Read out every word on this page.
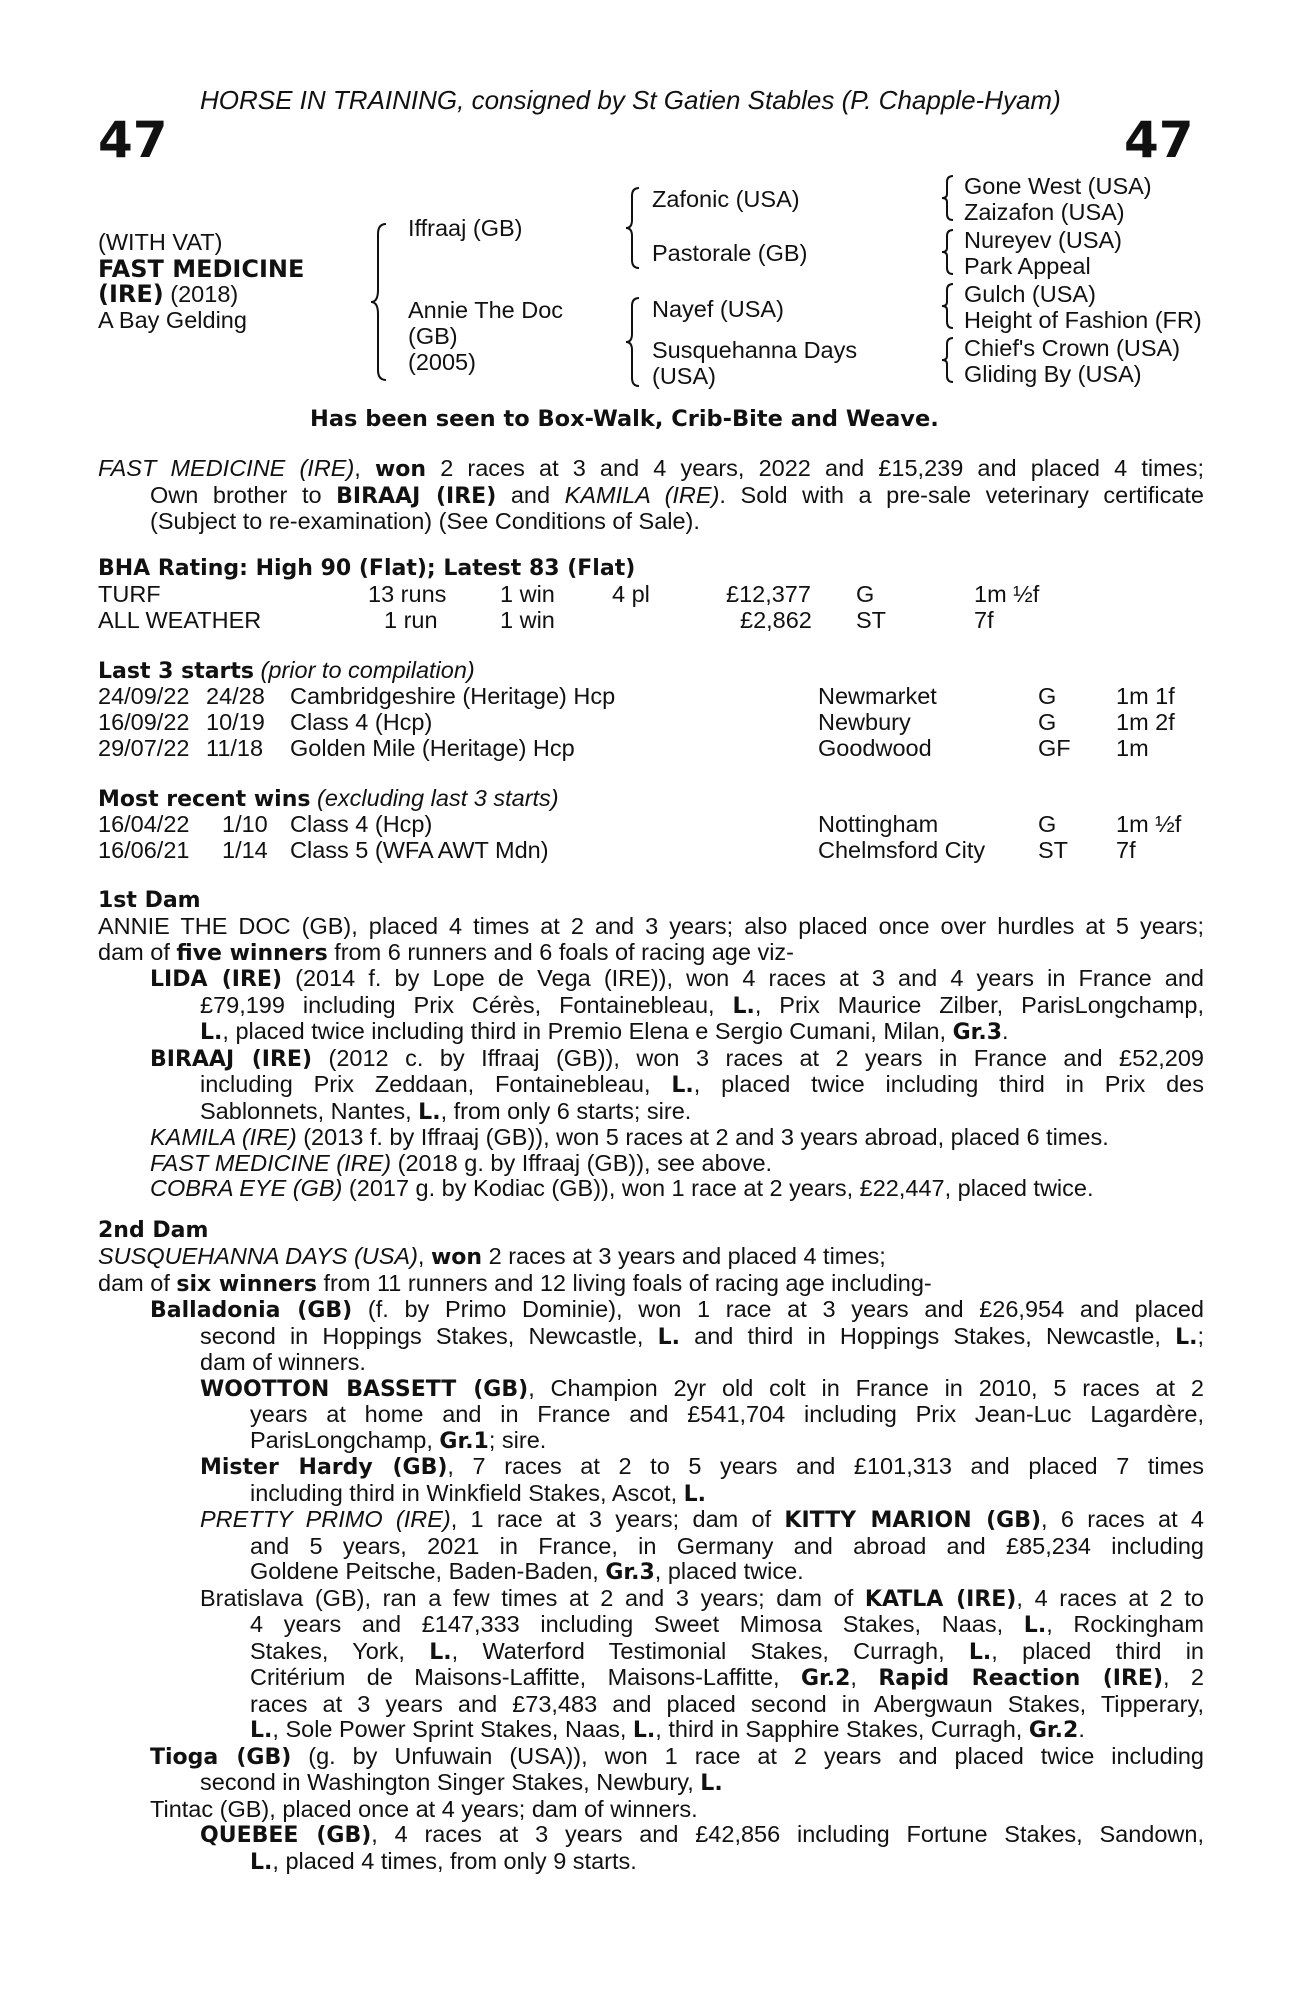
HORSE IN TRAINING, consigned by St Gatien Stables (P. Chapple-Hyam)
47	47
(WITH VAT)
FAST MEDICINE
(IRE) (2018)
A Bay Gelding
Iffraaj (GB)
Annie The Doc
(GB)
(2005)
Zafonic (USA)
Pastorale (GB)
Nayef (USA)
Susquehanna Days
(USA)
Gone West (USA)
Zaizafon (USA)
Nureyev (USA)
Park Appeal
Gulch (USA)
Height of Fashion (FR)
Chief's Crown (USA)
Gliding By (USA)
Has been seen to Box-Walk, Crib-Bite and Weave.
FAST MEDICINE (IRE), won 2 races at 3 and 4 years, 2022 and £15,239 and placed 4 times;
Own brother to BIRAAJ (IRE) and KAMILA (IRE). Sold with a pre-sale veterinary certificate
(Subject to re-examination) (See Conditions of Sale).
BHA Rating: High 90 (Flat); Latest 83 (Flat)
TURF	13 runs 1 win 4 pl	£12,377 G	1m ½f
ALL WEATHER	1 run	1 win	£2,862 ST	7f
Last 3 starts (prior to compilation)
24/09/22 24/28 Cambridgeshire (Heritage) Hcp	Newmarket	G	1m 1f
16/09/22 10/19 Class 4 (Hcp)	Newbury	G	1m 2f
29/07/22 11/18 Golden Mile (Heritage) Hcp	Goodwood	GF 1m
Most recent wins (excluding last 3 starts)
16/04/22 1/10 Class 4 (Hcp)	Nottingham	G	1m ½f
16/06/21 1/14 Class 5 (WFA AWT Mdn)	Chelmsford City ST 7f
1st Dam
ANNIE THE DOC (GB), placed 4 times at 2 and 3 years; also placed once over hurdles at 5 years;
dam of five winners from 6 runners and 6 foals of racing age viz-
LIDA (IRE) (2014 f. by Lope de Vega (IRE)), won 4 races at 3 and 4 years in France and
£79,199 including Prix Cérès, Fontainebleau, L., Prix Maurice Zilber, ParisLongchamp,
L., placed twice including third in Premio Elena e Sergio Cumani, Milan, Gr.3.
BIRAAJ (IRE) (2012 c. by Iffraaj (GB)), won 3 races at 2 years in France and £52,209
including Prix Zeddaan, Fontainebleau, L., placed twice including third in Prix des
Sablonnets, Nantes, L., from only 6 starts; sire.
KAMILA (IRE) (2013 f. by Iffraaj (GB)), won 5 races at 2 and 3 years abroad, placed 6 times.
FAST MEDICINE (IRE) (2018 g. by Iffraaj (GB)), see above.
COBRA EYE (GB) (2017 g. by Kodiac (GB)), won 1 race at 2 years, £22,447, placed twice.
2nd Dam
SUSQUEHANNA DAYS (USA), won 2 races at 3 years and placed 4 times;
dam of six winners from 11 runners and 12 living foals of racing age including-
Balladonia (GB) (f. by Primo Dominie), won 1 race at 3 years and £26,954 and placed
second in Hoppings Stakes, Newcastle, L. and third in Hoppings Stakes, Newcastle, L.;
dam of winners.
WOOTTON BASSETT (GB), Champion 2yr old colt in France in 2010, 5 races at 2
years at home and in France and £541,704 including Prix Jean-Luc Lagardère,
ParisLongchamp, Gr.1; sire.
Mister Hardy (GB), 7 races at 2 to 5 years and £101,313 and placed 7 times
including third in Winkfield Stakes, Ascot, L.
PRETTY PRIMO (IRE), 1 race at 3 years; dam of KITTY MARION (GB), 6 races at 4
and 5 years, 2021 in France, in Germany and abroad and £85,234 including
Goldene Peitsche, Baden-Baden, Gr.3, placed twice.
Bratislava (GB), ran a few times at 2 and 3 years; dam of KATLA (IRE), 4 races at 2 to
4 years and £147,333 including Sweet Mimosa Stakes, Naas, L., Rockingham
Stakes, York, L., Waterford Testimonial Stakes, Curragh, L., placed third in
Critérium de Maisons-Laffitte, Maisons-Laffitte, Gr.2, Rapid Reaction (IRE), 2
races at 3 years and £73,483 and placed second in Abergwaun Stakes, Tipperary,
L., Sole Power Sprint Stakes, Naas, L., third in Sapphire Stakes, Curragh, Gr.2.
Tioga (GB) (g. by Unfuwain (USA)), won 1 race at 2 years and placed twice including
second in Washington Singer Stakes, Newbury, L.
Tintac (GB), placed once at 4 years; dam of winners.
QUEBEE (GB), 4 races at 3 years and £42,856 including Fortune Stakes, Sandown,
L., placed 4 times, from only 9 starts.
